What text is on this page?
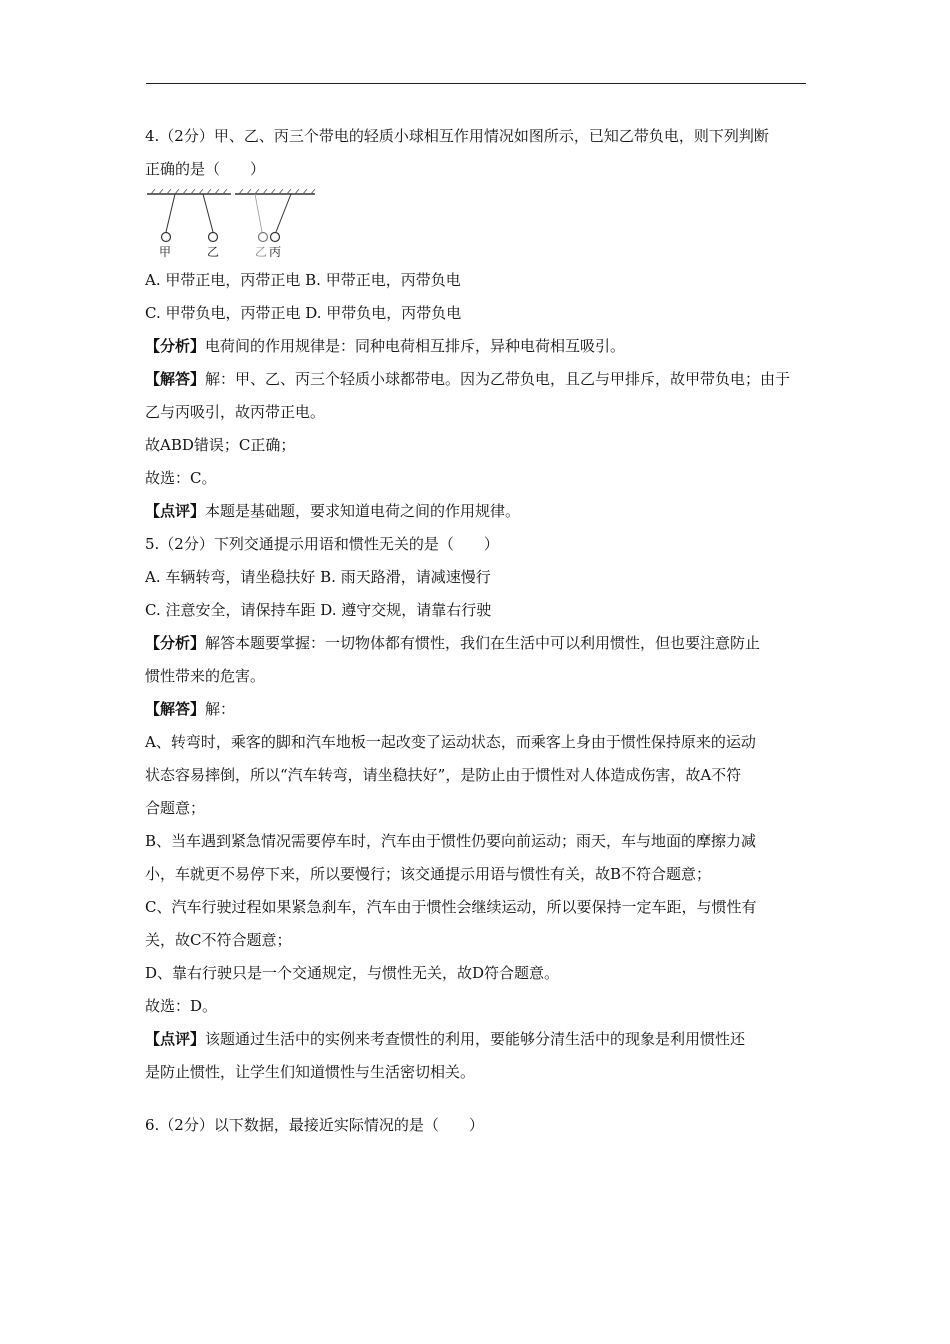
4.（2分）甲、乙、丙三个带电的轻质小球相互作用情况如图所示，已知乙带负电，则下列判断
正确的是（　　）
甲	乙	乙 丙
A. 甲带正电，丙带正电 B. 甲带正电，丙带负电
C. 甲带负电，丙带正电 D. 甲带负电，丙带负电
【分析】电荷间的作用规律是：同种电荷相互排斥，异种电荷相互吸引。
【解答】解：甲、乙、丙三个轻质小球都带电。因为乙带负电，且乙与甲排斥，故甲带负电；由于
乙与丙吸引，故丙带正电。
故ABD错误；C正确；
故选：C。
【点评】本题是基础题，要求知道电荷之间的作用规律。
5.（2分）下列交通提示用语和惯性无关的是（　　）
A. 车辆转弯，请坐稳扶好 B. 雨天路滑，请减速慢行
C. 注意安全，请保持车距 D. 遵守交规，请靠右行驶
【分析】解答本题要掌握：一切物体都有惯性，我们在生活中可以利用惯性，但也要注意防止
惯性带来的危害。
【解答】解：
A、转弯时，乘客的脚和汽车地板一起改变了运动状态，而乘客上身由于惯性保持原来的运动
状态容易摔倒，所以“汽车转弯，请坐稳扶好”，是防止由于惯性对人体造成伤害，故A不符
合题意；
B、当车遇到紧急情况需要停车时，汽车由于惯性仍要向前运动；雨天，车与地面的摩擦力减
小，车就更不易停下来，所以要慢行；该交通提示用语与惯性有关，故B不符合题意；
C、汽车行驶过程如果紧急刹车，汽车由于惯性会继续运动，所以要保持一定车距，与惯性有
关，故C不符合题意；
D、靠右行驶只是一个交通规定，与惯性无关，故D符合题意。
故选：D。
【点评】该题通过生活中的实例来考查惯性的利用，要能够分清生活中的现象是利用惯性还
是防止惯性，让学生们知道惯性与生活密切相关。
6.（2分）以下数据，最接近实际情况的是（　　）
